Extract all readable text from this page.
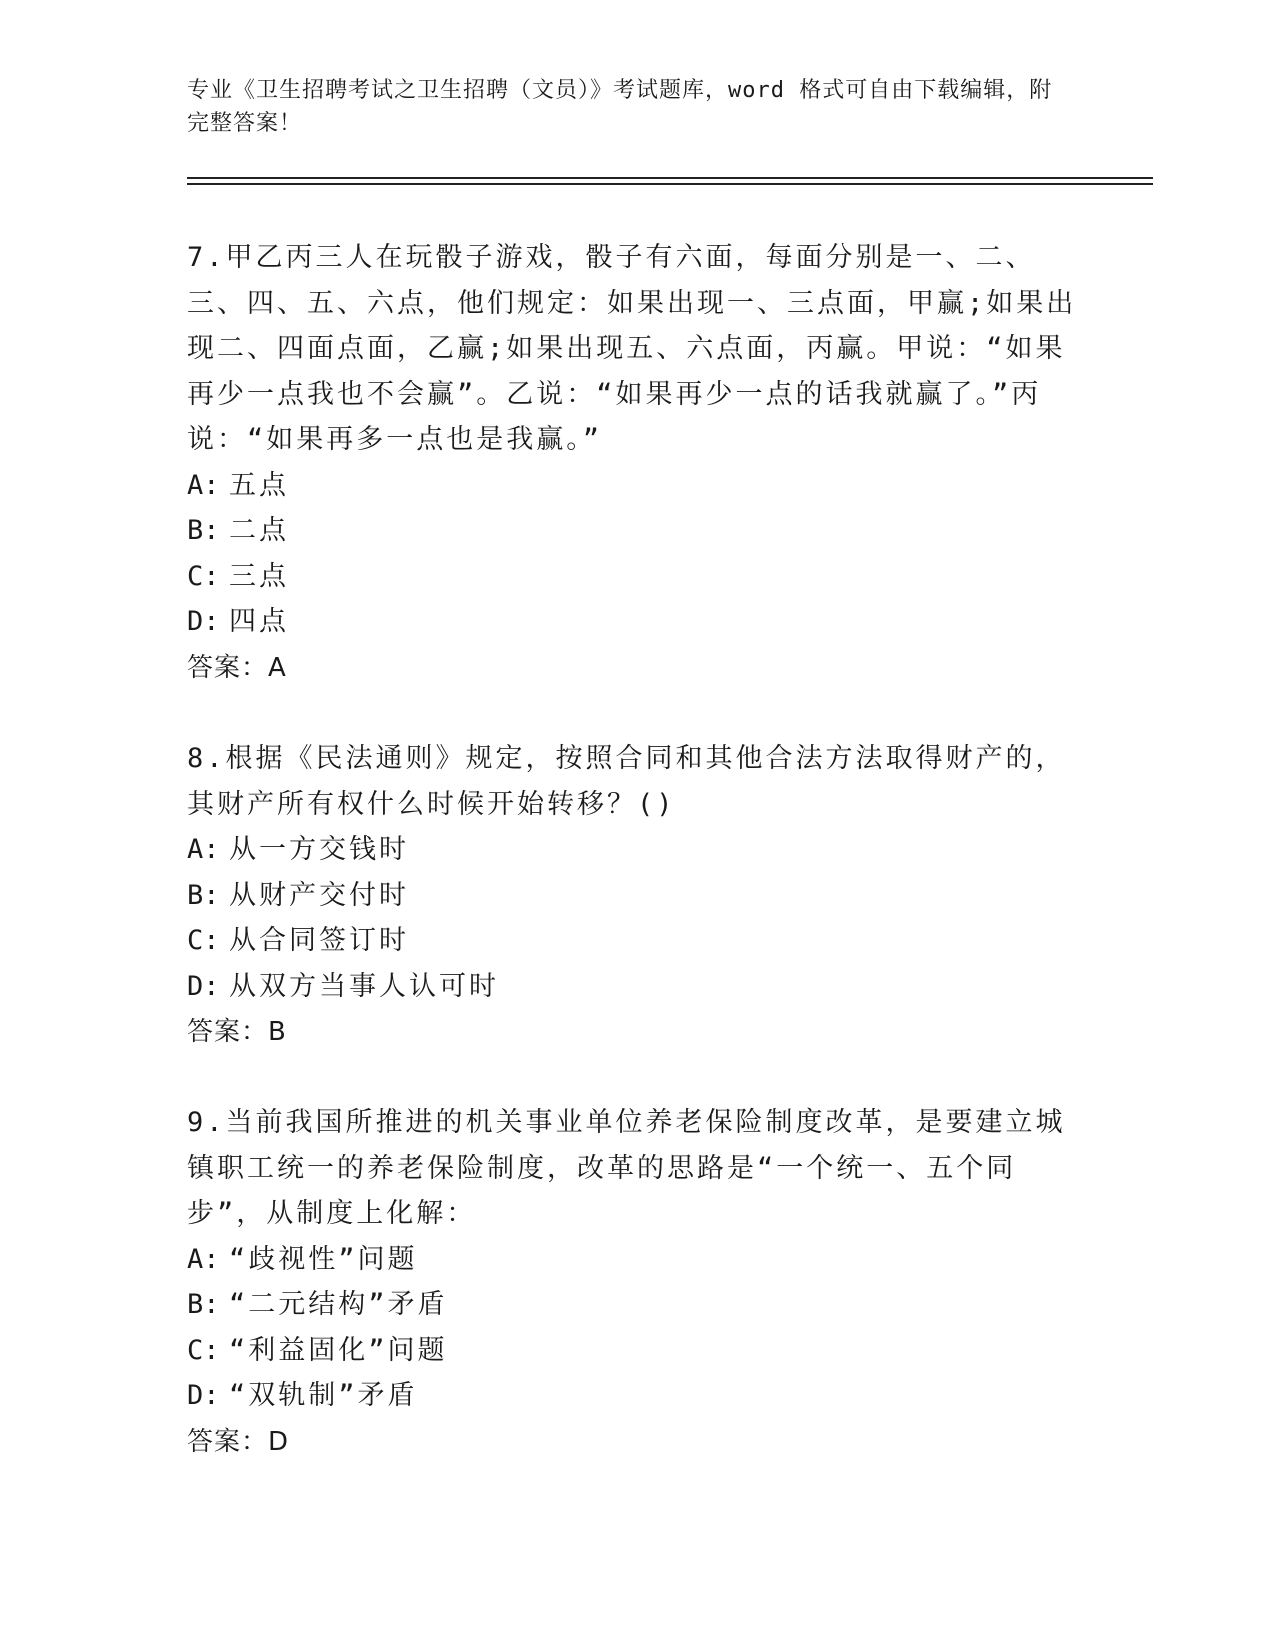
专业《卫生招聘考试之卫生招聘（文员）》考试题库，word 格式可自由下载编辑，附完整答案！

7.甲乙丙三人在玩骰子游戏，骰子有六面，每面分别是一、二、三、四、五、六点，他们规定：如果出现一、三点面，甲赢;如果出现二、四面点面，乙赢;如果出现五、六点面，丙赢。甲说：“如果再少一点我也不会赢”。乙说：“如果再少一点的话我就赢了。”丙说：“如果再多一点也是我赢。”

A: 五点
B: 二点
C: 三点
D: 四点
答案：A

8.根据《民法通则》规定，按照合同和其他合法方法取得财产的，其财产所有权什么时候开始转移？()

A: 从一方交钱时
B: 从财产交付时
C: 从合同签订时
D: 从双方当事人认可时
答案：B

9.当前我国所推进的机关事业单位养老保险制度改革，是要建立城镇职工统一的养老保险制度，改革的思路是“一个统一、五个同步”，从制度上化解：

A: “歧视性”问题
B: “二元结构”矛盾
C: “利益固化”问题
D: “双轨制”矛盾
答案：D
